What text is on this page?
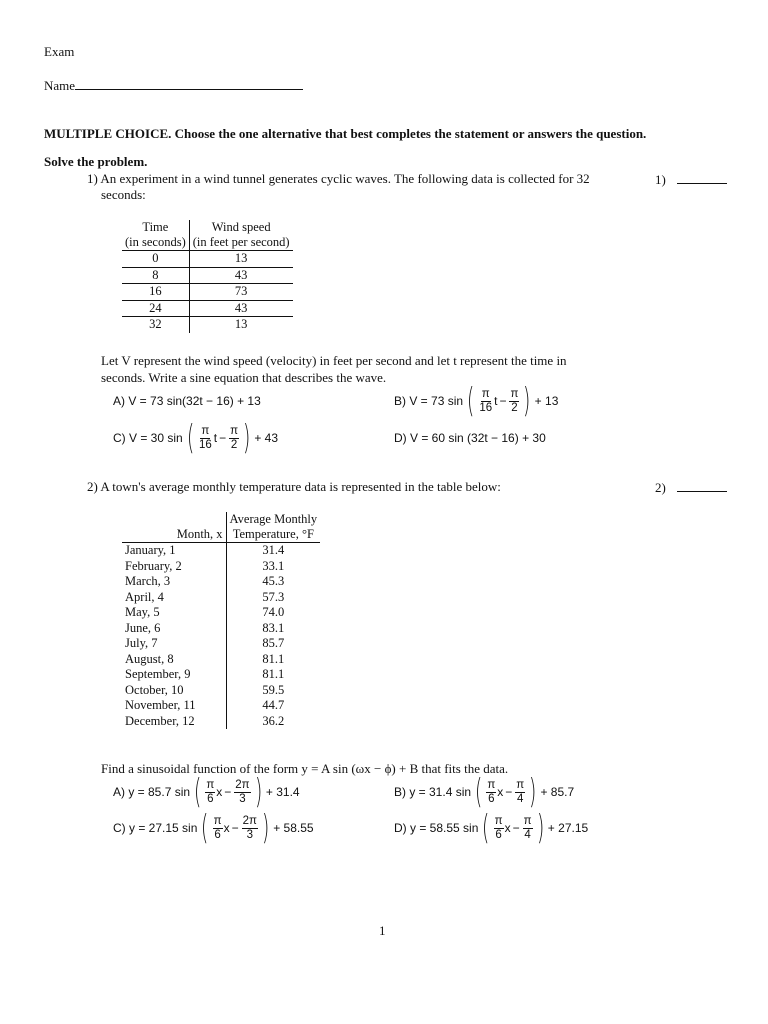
Exam
Name
MULTIPLE CHOICE. Choose the one alternative that best completes the statement or answers the question.
Solve the problem.
1) An experiment in a wind tunnel generates cyclic waves. The following data is collected for 32
seconds:
1)
Time	Wind speed
(in seconds)	(in feet per second)
0	13
8	43
16	73
24	43
32	13
Let V represent the wind speed (velocity) in feet per second and let t represent the time in
seconds. Write a sine equation that describes the wave.
A) V = 73 sin(32t − 16) + 13	B) V = 73 sin ( $\frac{\pi}{16}$ $t - \frac{\pi}{2}$ ) + 13
C) V = 30 sin ( $\frac{\pi}{16}$ $t - \frac{\pi}{2}$ ) + 43	D) V = 60 sin (32t − 16) + 30
2) A town's average monthly temperature data is represented in the table below:	2)
	Average Monthly
Month, x	Temperature, °F
January, 1	31.4
February, 2	33.1
March, 3	45.3
April, 4	57.3
May, 5	74.0
June, 6	83.1
July, 7	85.7
August, 8	81.1
September, 9	81.1
October, 10	59.5
November, 11	44.7
December, 12	36.2
Find a sinusoidal function of the form y = A sin (ωx − ϕ) + B that fits the data.
A) y = 85.7 sin ( $\frac{\pi}{6}$ $x - \frac{2\pi}{3}$ ) + 31.4	B) y = 31.4 sin ( $\frac{\pi}{6}$ $x - \frac{\pi}{4}$ ) + 85.7
C) y = 27.15 sin ( $\frac{\pi}{6}$ $x - \frac{2\pi}{3}$ ) + 58.55	D) y = 58.55 sin ( $\frac{\pi}{6}$ $x - \frac{\pi}{4}$ ) + 27.15
1
